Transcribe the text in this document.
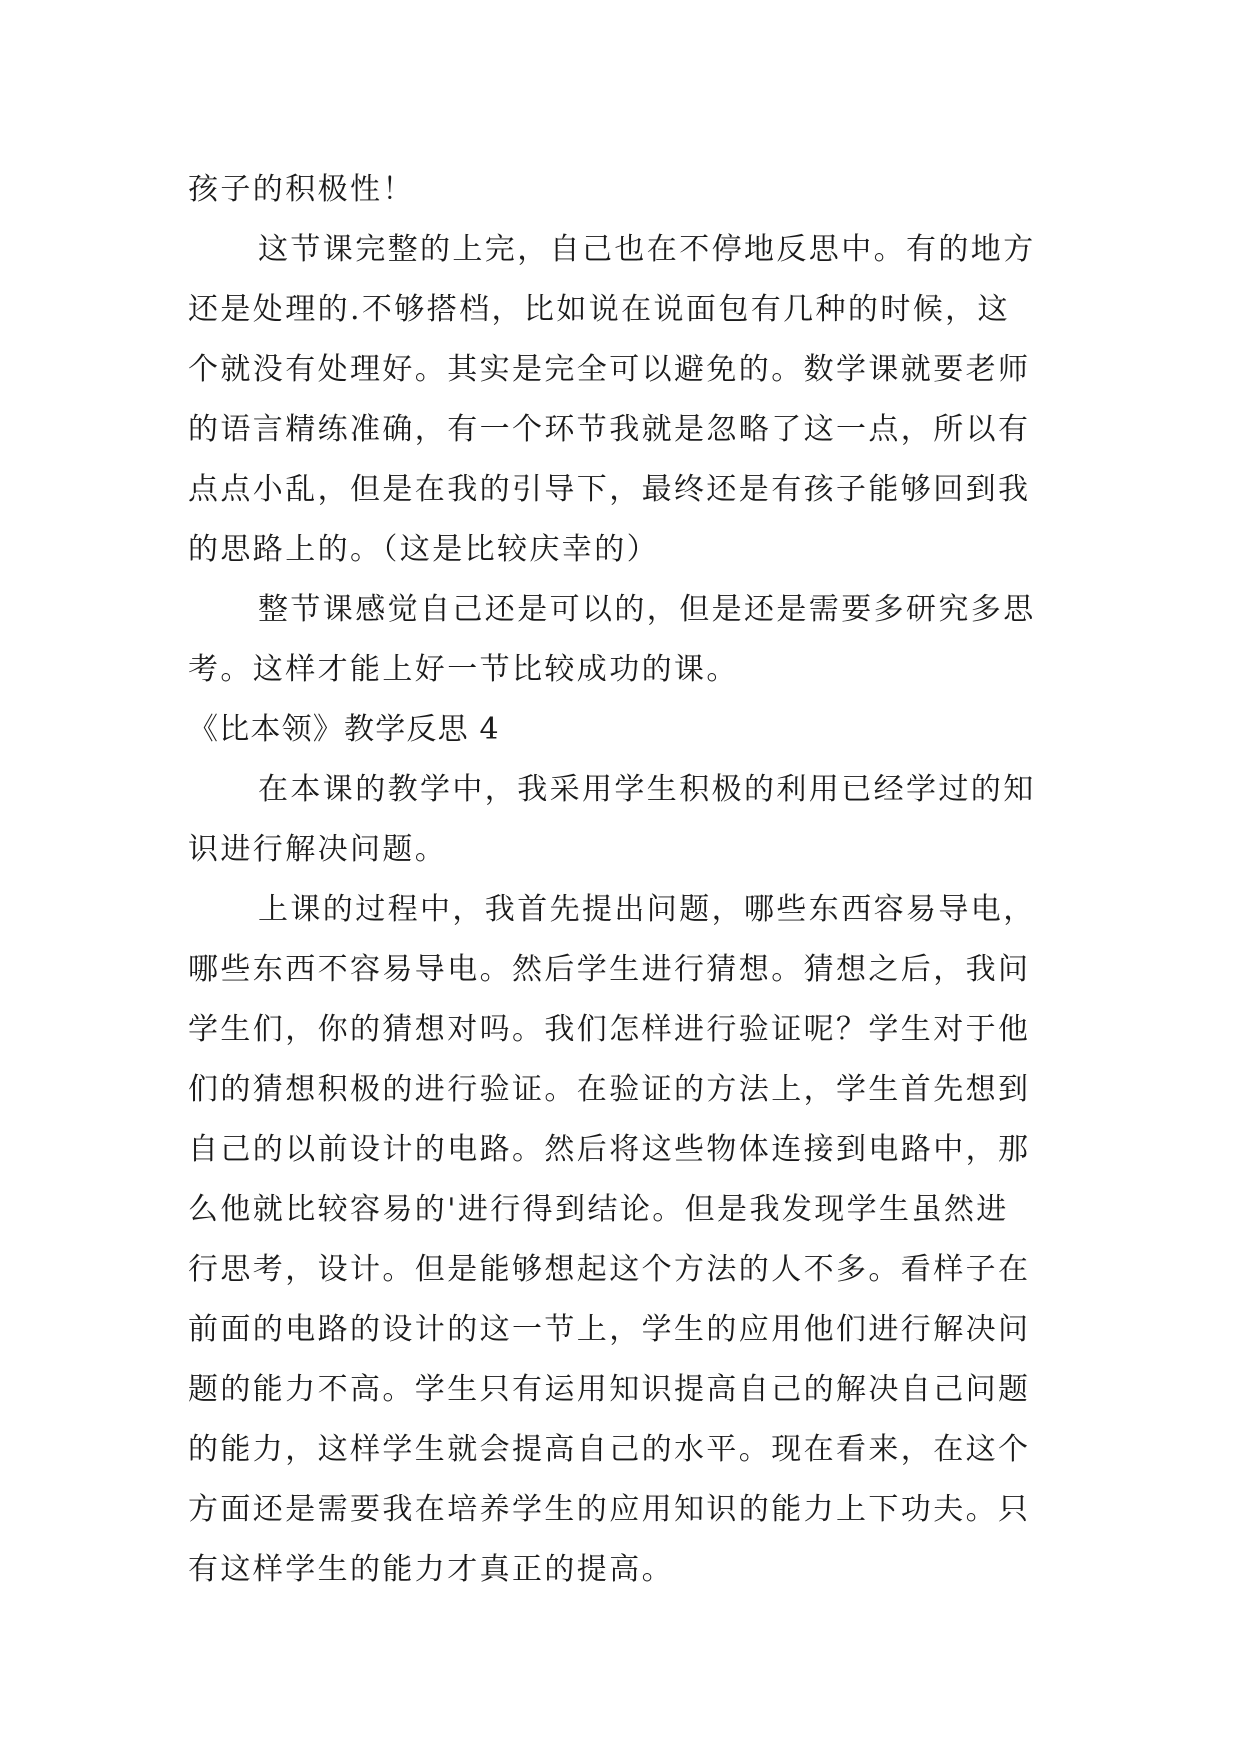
孩子的积极性！
这节课完整的上完，自己也在不停地反思中。有的地方
还是处理的.不够搭档，比如说在说面包有几种的时候，这
个就没有处理好。其实是完全可以避免的。数学课就要老师
的语言精练准确，有一个环节我就是忽略了这一点，所以有
点点小乱，但是在我的引导下，最终还是有孩子能够回到我
的思路上的。（这是比较庆幸的）
整节课感觉自己还是可以的，但是还是需要多研究多思
考。这样才能上好一节比较成功的课。
《比本领》教学反思 4
在本课的教学中，我采用学生积极的利用已经学过的知
识进行解决问题。
上课的过程中，我首先提出问题，哪些东西容易导电，
哪些东西不容易导电。然后学生进行猜想。猜想之后，我问
学生们，你的猜想对吗。我们怎样进行验证呢？学生对于他
们的猜想积极的进行验证。在验证的方法上，学生首先想到
自己的以前设计的电路。然后将这些物体连接到电路中，那
么他就比较容易的'进行得到结论。但是我发现学生虽然进
行思考，设计。但是能够想起这个方法的人不多。看样子在
前面的电路的设计的这一节上，学生的应用他们进行解决问
题的能力不高。学生只有运用知识提高自己的解决自己问题
的能力，这样学生就会提高自己的水平。现在看来，在这个
方面还是需要我在培养学生的应用知识的能力上下功夫。只
有这样学生的能力才真正的提高。
